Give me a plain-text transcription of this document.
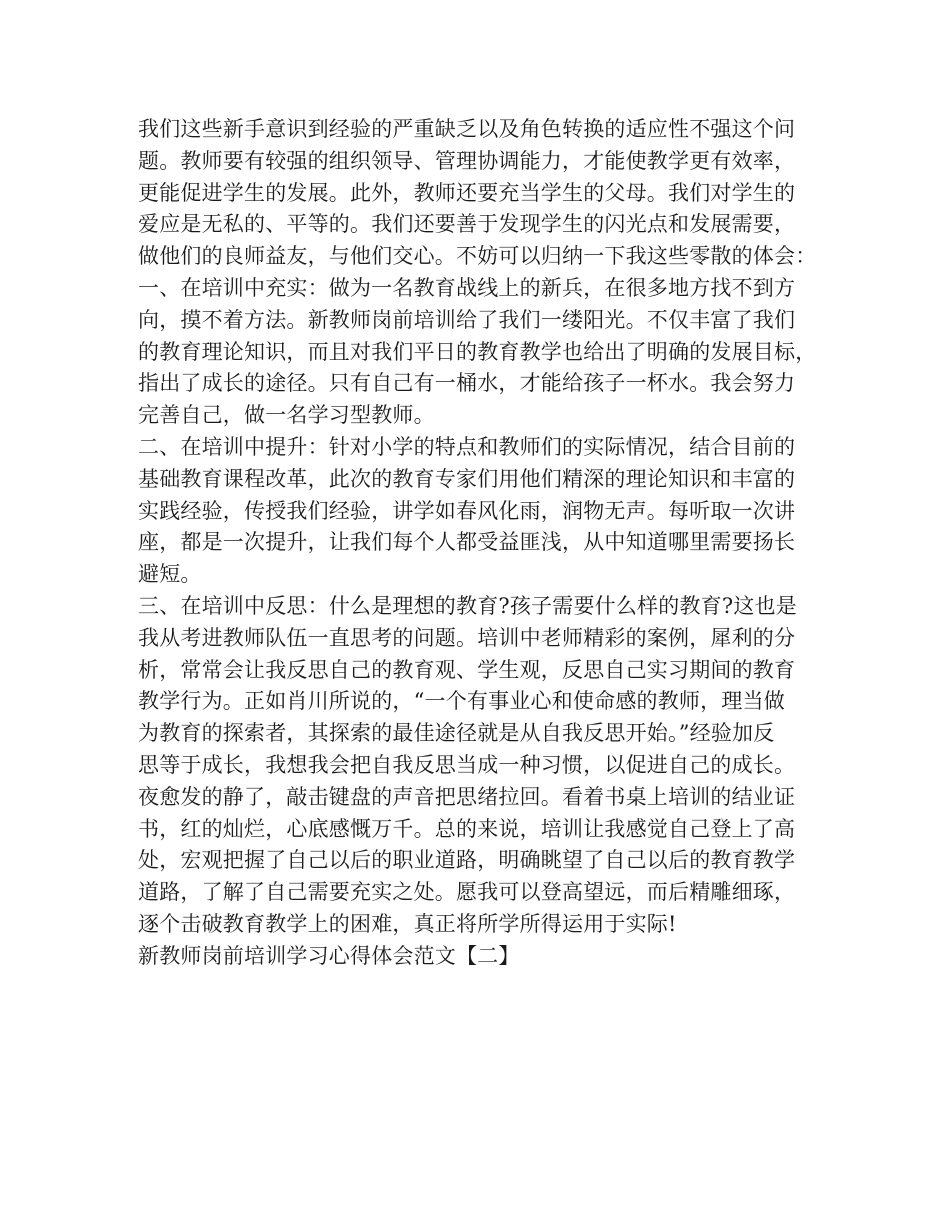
我们这些新手意识到经验的严重缺乏以及角色转换的适应性不强这个问
题。教师要有较强的组织领导、管理协调能力，才能使教学更有效率，
更能促进学生的发展。此外，教师还要充当学生的父母。我们对学生的
爱应是无私的、平等的。我们还要善于发现学生的闪光点和发展需要，
做他们的良师益友，与他们交心。不妨可以归纳一下我这些零散的体会：
一、在培训中充实：做为一名教育战线上的新兵，在很多地方找不到方
向，摸不着方法。新教师岗前培训给了我们一缕阳光。不仅丰富了我们
的教育理论知识，而且对我们平日的教育教学也给出了明确的发展目标，
指出了成长的途径。只有自己有一桶水，才能给孩子一杯水。我会努力
完善自己，做一名学习型教师。
二、在培训中提升：针对小学的特点和教师们的实际情况，结合目前的
基础教育课程改革，此次的教育专家们用他们精深的理论知识和丰富的
实践经验，传授我们经验，讲学如春风化雨，润物无声。每听取一次讲
座，都是一次提升，让我们每个人都受益匪浅，从中知道哪里需要扬长
避短。
三、在培训中反思：什么是理想的教育?孩子需要什么样的教育?这也是
我从考进教师队伍一直思考的问题。培训中老师精彩的案例，犀利的分
析，常常会让我反思自己的教育观、学生观，反思自己实习期间的教育
教学行为。正如肖川所说的，“一个有事业心和使命感的教师，理当做
为教育的探索者，其探索的最佳途径就是从自我反思开始。”经验加反
思等于成长，我想我会把自我反思当成一种习惯，以促进自己的成长。
夜愈发的静了，敲击键盘的声音把思绪拉回。看着书桌上培训的结业证
书，红的灿烂，心底感慨万千。总的来说，培训让我感觉自己登上了高
处，宏观把握了自己以后的职业道路，明确眺望了自己以后的教育教学
道路，了解了自己需要充实之处。愿我可以登高望远，而后精雕细琢，
逐个击破教育教学上的困难，真正将所学所得运用于实际!
新教师岗前培训学习心得体会范文【二】
